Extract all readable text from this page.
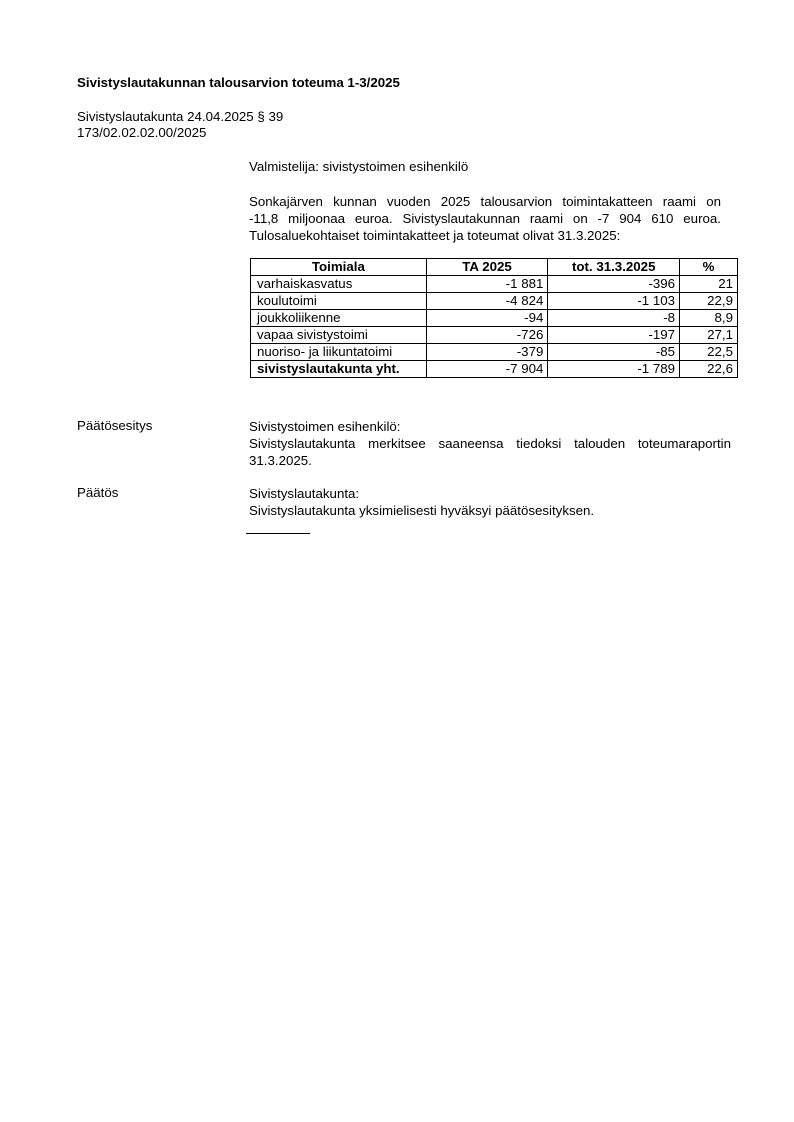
Sivistyslautakunnan talousarvion toteuma 1-3/2025
Sivistyslautakunta 24.04.2025 § 39
173/02.02.02.00/2025
Valmistelija: sivistystoimen esihenkilö
Sonkajärven kunnan vuoden 2025 talousarvion toimintakatteen raami on
-11,8 miljoonaa euroa. Sivistyslautakunnan raami on -7 904 610 euroa.
Tulosaluekohtaiset toimintakatteet ja toteumat olivat 31.3.2025:
Toimiala	TA 2025	tot. 31.3.2025	%
varhaiskasvatus	-1 881	-396	21
koulutoimi	-4 824	-1 103	22,9
joukkoliikenne	-94	-8	8,9
vapaa sivistystoimi	-726	-197	27,1
nuoriso- ja liikuntatoimi	-379	-85	22,5
sivistyslautakunta yht.	-7 904	-1 789	22,6
Päätösesitys	Sivistystoimen esihenkilö:
Sivistyslautakunta merkitsee saaneensa tiedoksi talouden toteumaraportin
31.3.2025.
Päätös	Sivistyslautakunta:
Sivistyslautakunta yksimielisesti hyväksyi päätösesityksen.
